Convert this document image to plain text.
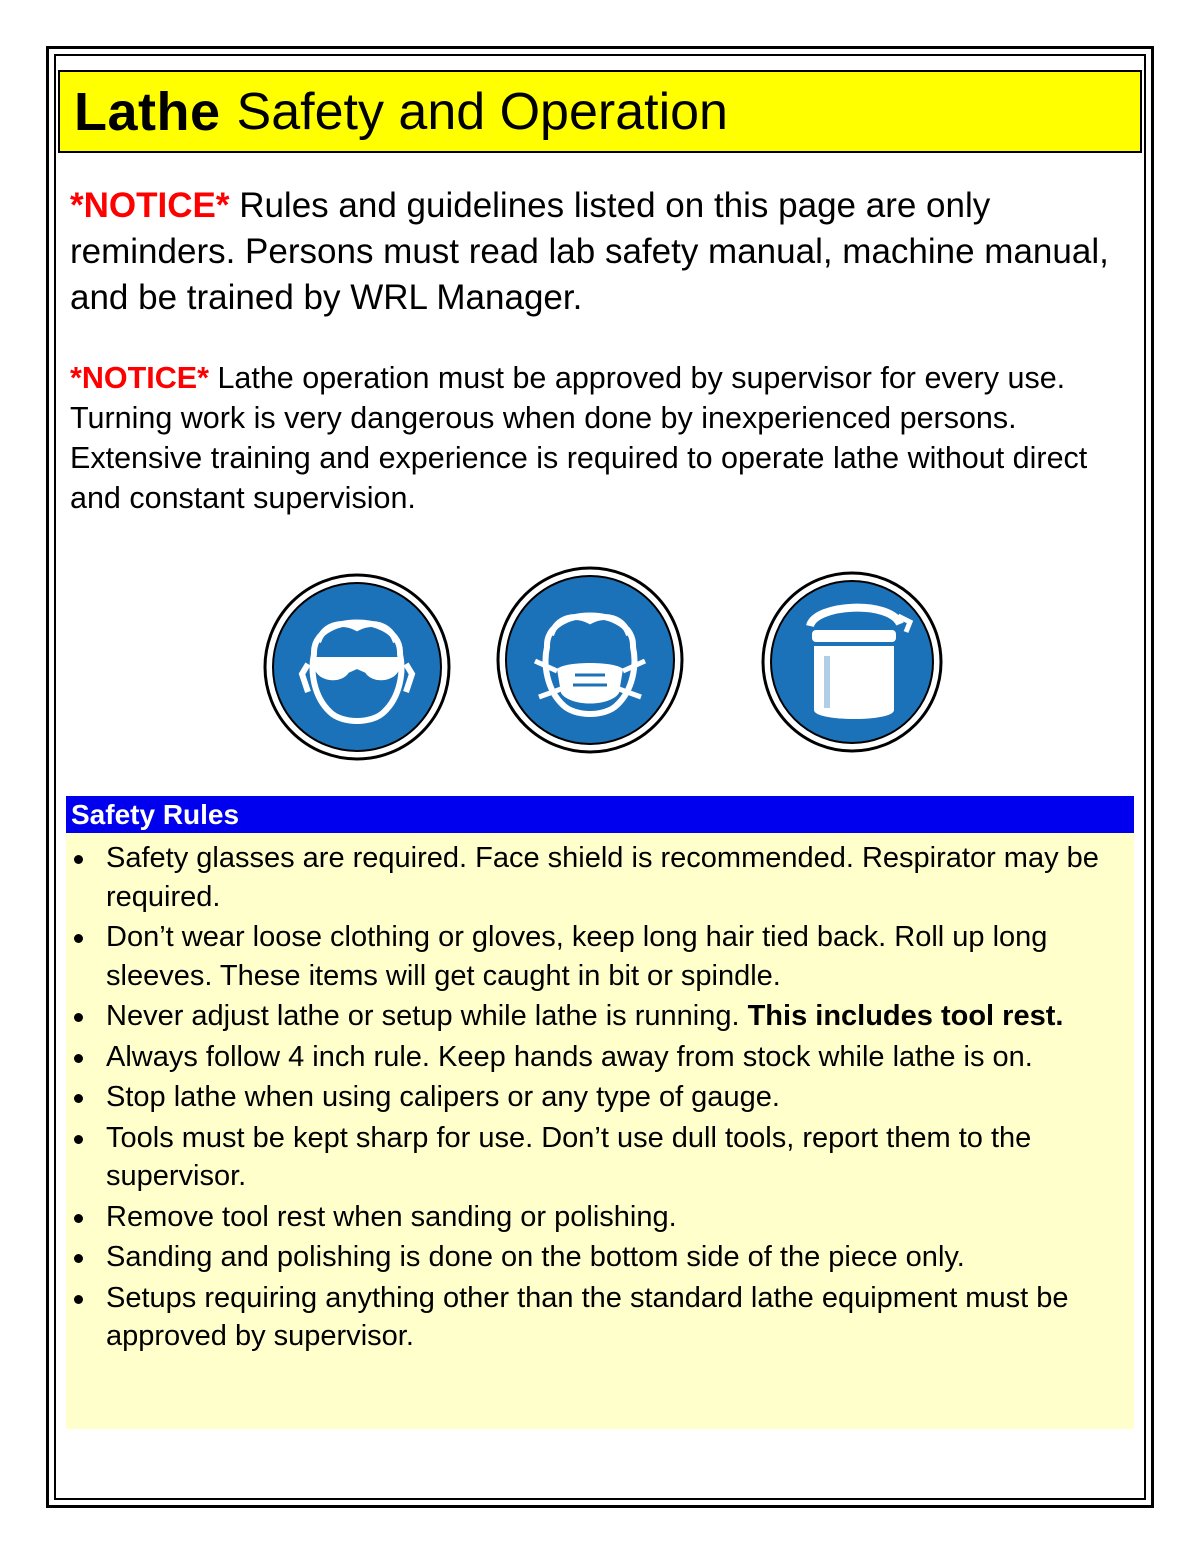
Lathe Safety and Operation

*NOTICE* Rules and guidelines listed on this page are only reminders. Persons must read lab safety manual, machine manual, and be trained by WRL Manager.

*NOTICE* Lathe operation must be approved by supervisor for every use. Turning work is very dangerous when done by inexperienced persons. Extensive training and experience is required to operate lathe without direct and constant supervision.

Safety Rules
Safety glasses are required. Face shield is recommended. Respirator may be required.
Don’t wear loose clothing or gloves, keep long hair tied back. Roll up long sleeves. These items will get caught in bit or spindle.
Never adjust lathe or setup while lathe is running. This includes tool rest.
Always follow 4 inch rule. Keep hands away from stock while lathe is on.
Stop lathe when using calipers or any type of gauge.
Tools must be kept sharp for use. Don’t use dull tools, report them to the supervisor.
Remove tool rest when sanding or polishing.
Sanding and polishing is done on the bottom side of the piece only.
Setups requiring anything other than the standard lathe equipment must be approved by supervisor.
